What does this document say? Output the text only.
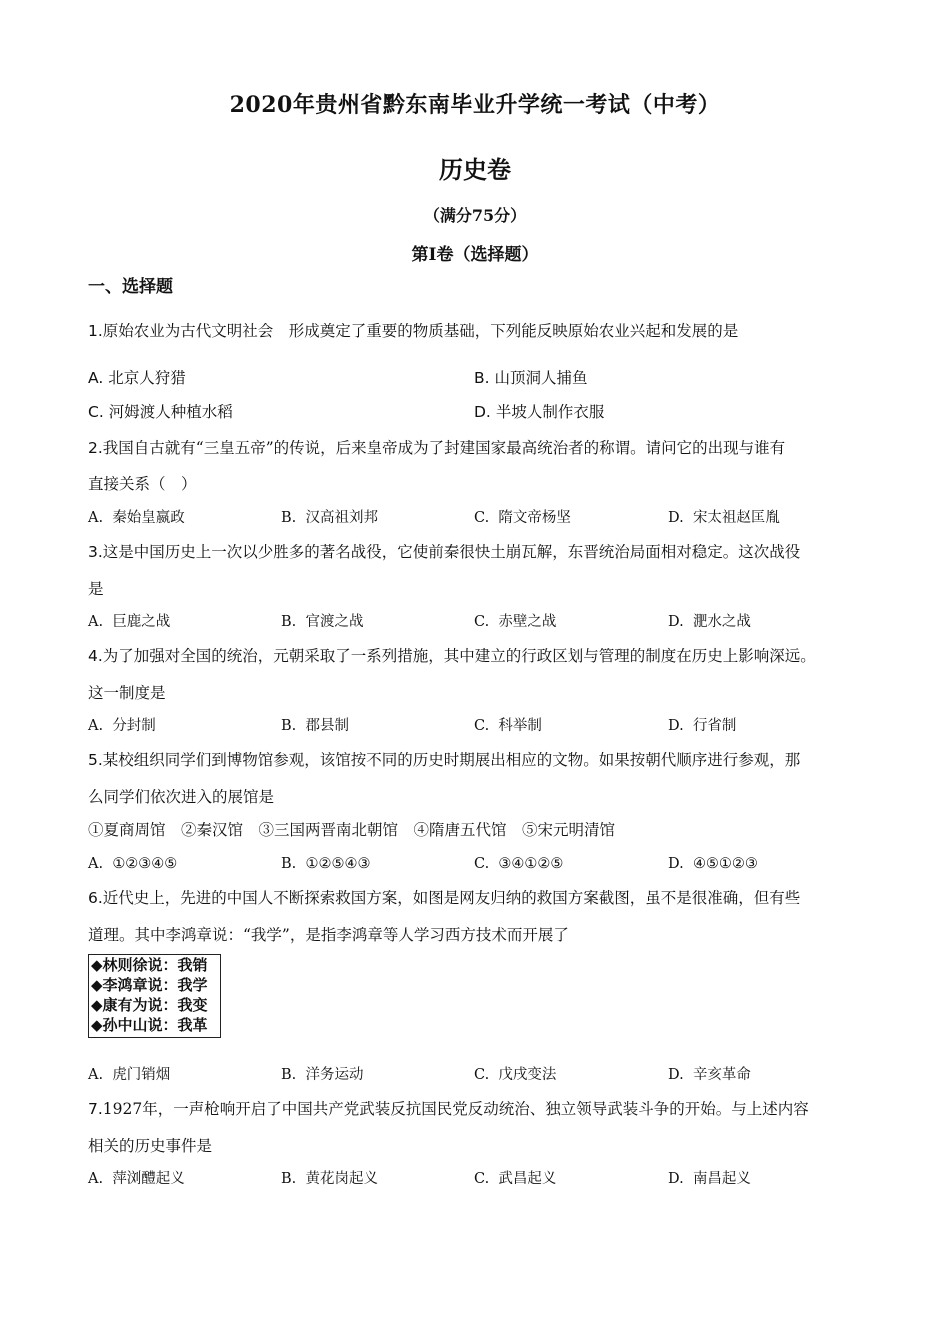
2020年贵州省黔东南毕业升学统一考试（中考）
历史卷
（满分75分）
第I卷（选择题）
一、选择题
1.原始农业为古代文明社会　形成奠定了重要的物质基础，下列能反映原始农业兴起和发展的是
A. 北京人狩猎	B. 山顶洞人捕鱼
C. 河姆渡人种植水稻	D. 半坡人制作衣服
2.我国自古就有“三皇五帝”的传说，后来皇帝成为了封建国家最高统治者的称谓。请问它的出现与谁有
直接关系（　）
A. 秦始皇嬴政	B. 汉高祖刘邦	C. 隋文帝杨坚	D. 宋太祖赵匡胤
3.这是中国历史上一次以少胜多的著名战役，它使前秦很快土崩瓦解，东晋统治局面相对稳定。这次战役
是
A. 巨鹿之战	B. 官渡之战	C. 赤壁之战	D. 淝水之战
4.为了加强对全国的统治，元朝采取了一系列措施，其中建立的行政区划与管理的制度在历史上影响深远。
这一制度是
A. 分封制	B. 郡县制	C. 科举制	D. 行省制
5.某校组织同学们到博物馆参观，该馆按不同的历史时期展出相应的文物。如果按朝代顺序进行参观，那
么同学们依次进入的展馆是
①夏商周馆　②秦汉馆　③三国两晋南北朝馆　④隋唐五代馆　⑤宋元明清馆
A. ①②③④⑤	B. ①②⑤④③	C. ③④①②⑤	D. ④⑤①②③
6.近代史上，先进的中国人不断探索救国方案，如图是网友归纳的救国方案截图，虽不是很准确，但有些
道理。其中李鸿章说：“我学”，是指李鸿章等人学习西方技术而开展了
◆林则徐说：我销
◆李鸿章说：我学
◆康有为说：我变
◆孙中山说：我革
A. 虎门销烟	B. 洋务运动	C. 戊戌变法	D. 辛亥革命
7.1927年，一声枪响开启了中国共产党武装反抗国民党反动统治、独立领导武装斗争的开始。与上述内容
相关的历史事件是
A. 萍浏醴起义	B. 黄花岗起义	C. 武昌起义	D. 南昌起义
